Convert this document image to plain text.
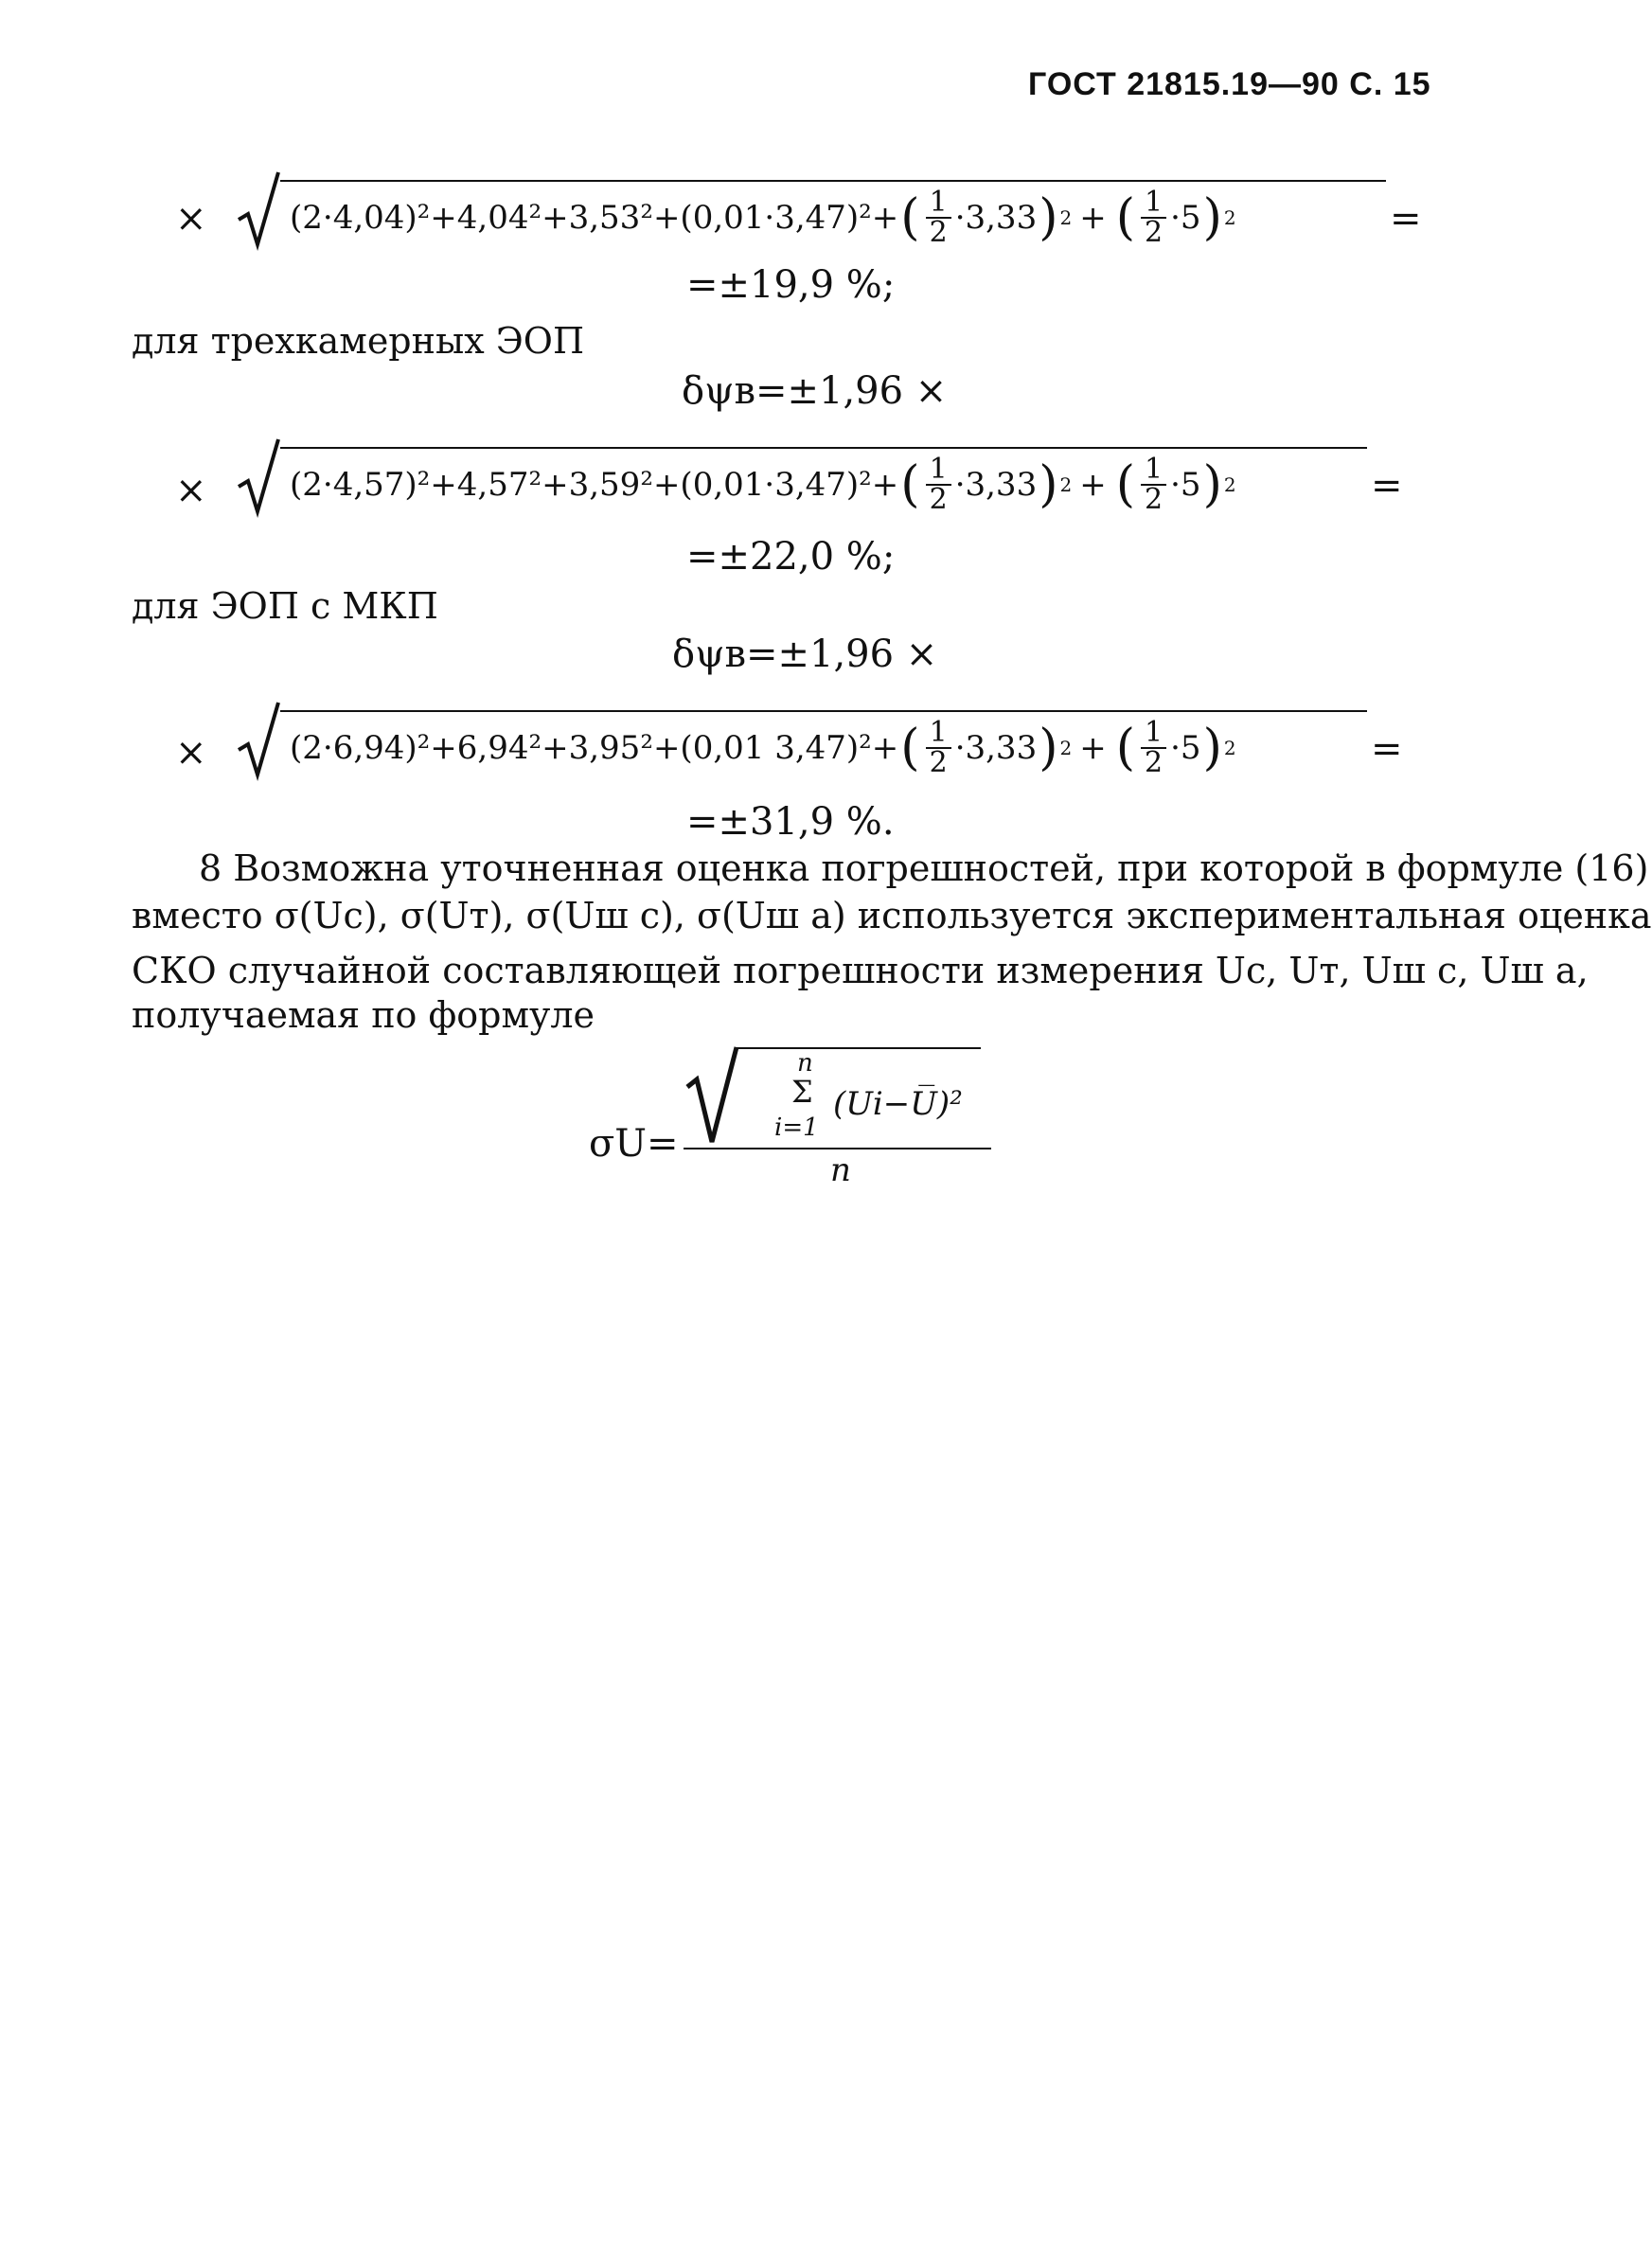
ГОСТ 21815.19—90 С. 15
×	(2·4,04)²+4,04²+3,53²+(0,01·3,47)²+ ( $\frac{1}{2} \cdot 3,33$ ) 2 + ( $\frac{1}{2} \cdot 5$ ) 2	=
=±19,9 %;
для трехкамерных ЭОП
δψв=±1,96 ×
×	(2·4,57)²+4,57²+3,59²+(0,01·3,47)²+ ( $\frac{1}{2} \cdot 3,33$ ) 2 + ( $\frac{1}{2} \cdot 5$ ) 2	=
=±22,0 %;
для ЭОП с МКП
δψв=±1,96 ×
×	(2·6,94)²+6,94²+3,95²+(0,01 3,47)²+ ( $\frac{1}{2} \cdot 3,33$ ) 2 + ( $\frac{1}{2} \cdot 5$ ) 2	=
=±31,9 %.
8 Возможна уточненная оценка погрешностей, при которой в формуле (16)
вместо σ(Uc), σ(Uт), σ(Uш c), σ(Uш a) используется экспериментальная оценка
СКО случайной составляющей погрешности измерения Uc, Uт, Uш c, Uш a,
получаемая по формуле
σU=
n
Σ
i=1
(Ui−U̅)²
n
